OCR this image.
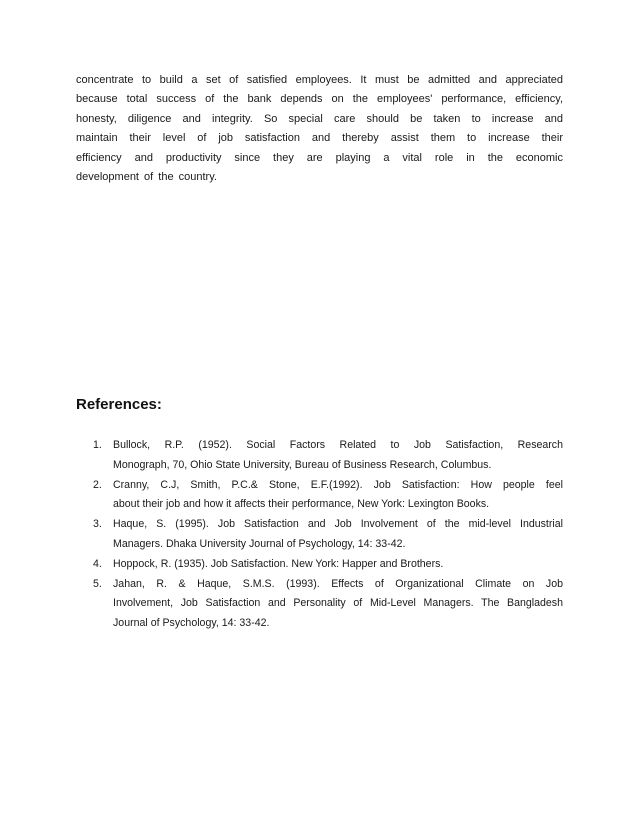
concentrate to build a set of satisfied employees. It must be admitted and appreciated
because total success of the bank depends on the employees' performance, efficiency,
honesty, diligence and integrity. So special care should be taken to increase and
maintain their level of job satisfaction and thereby assist them to increase their
efficiency and productivity since they are playing a vital role in the economic
development of the country.

References:
1. Bullock, R.P. (1952). Social Factors Related to Job Satisfaction, Research
Monograph, 70, Ohio State University, Bureau of Business Research, Columbus.
2. Cranny, C.J, Smith, P.C.& Stone, E.F.(1992). Job Satisfaction: How people feel
about their job and how it affects their performance, New York: Lexington Books.
3. Haque, S. (1995). Job Satisfaction and Job Involvement of the mid-level Industrial
Managers. Dhaka University Journal of Psychology, 14: 33-42.
4. Hoppock, R. (1935). Job Satisfaction. New York: Happer and Brothers.
5. Jahan, R. & Haque, S.M.S. (1993). Effects of Organizational Climate on Job
Involvement, Job Satisfaction and Personality of Mid-Level Managers. The Bangladesh
Journal of Psychology, 14: 33-42.
